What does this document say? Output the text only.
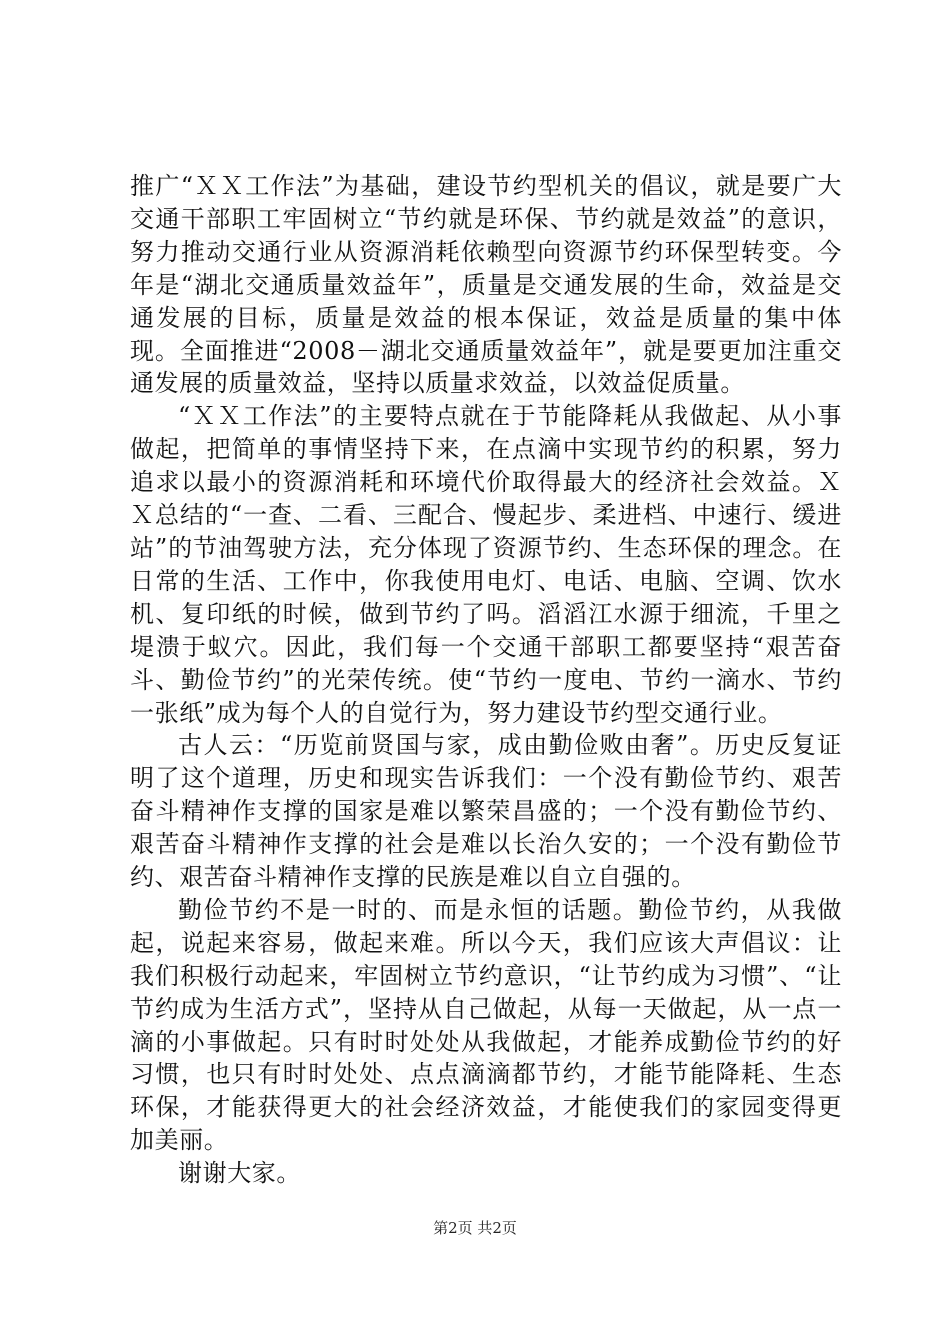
推广“ＸＸ工作法”为基础，建设节约型机关的倡议，就是要广大交通干部职工牢固树立“节约就是环保、节约就是效益”的意识，努力推动交通行业从资源消耗依赖型向资源节约环保型转变。今年是“湖北交通质量效益年”，质量是交通发展的生命，效益是交通发展的目标，质量是效益的根本保证，效益是质量的集中体现。全面推进“2008－湖北交通质量效益年”，就是要更加注重交通发展的质量效益，坚持以质量求效益，以效益促质量。

“ＸＸ工作法”的主要特点就在于节能降耗从我做起、从小事做起，把简单的事情坚持下来，在点滴中实现节约的积累，努力追求以最小的资源消耗和环境代价取得最大的经济社会效益。ＸＸ总结的“一查、二看、三配合、慢起步、柔进档、中速行、缓进站”的节油驾驶方法，充分体现了资源节约、生态环保的理念。在日常的生活、工作中，你我使用电灯、电话、电脑、空调、饮水机、复印纸的时候，做到节约了吗。滔滔江水源于细流，千里之堤溃于蚁穴。因此，我们每一个交通干部职工都要坚持“艰苦奋斗、勤俭节约”的光荣传统。使“节约一度电、节约一滴水、节约一张纸”成为每个人的自觉行为，努力建设节约型交通行业。

古人云：“历览前贤国与家，成由勤俭败由奢”。历史反复证明了这个道理，历史和现实告诉我们：一个没有勤俭节约、艰苦奋斗精神作支撑的国家是难以繁荣昌盛的；一个没有勤俭节约、艰苦奋斗精神作支撑的社会是难以长治久安的；一个没有勤俭节约、艰苦奋斗精神作支撑的民族是难以自立自强的。

勤俭节约不是一时的、而是永恒的话题。勤俭节约，从我做起，说起来容易，做起来难。所以今天，我们应该大声倡议：让我们积极行动起来，牢固树立节约意识，“让节约成为习惯”、“让节约成为生活方式”，坚持从自己做起，从每一天做起，从一点一滴的小事做起。只有时时处处从我做起，才能养成勤俭节约的好习惯，也只有时时处处、点点滴滴都节约，才能节能降耗、生态环保，才能获得更大的社会经济效益，才能使我们的家园变得更加美丽。

谢谢大家。

第2页 共2页
